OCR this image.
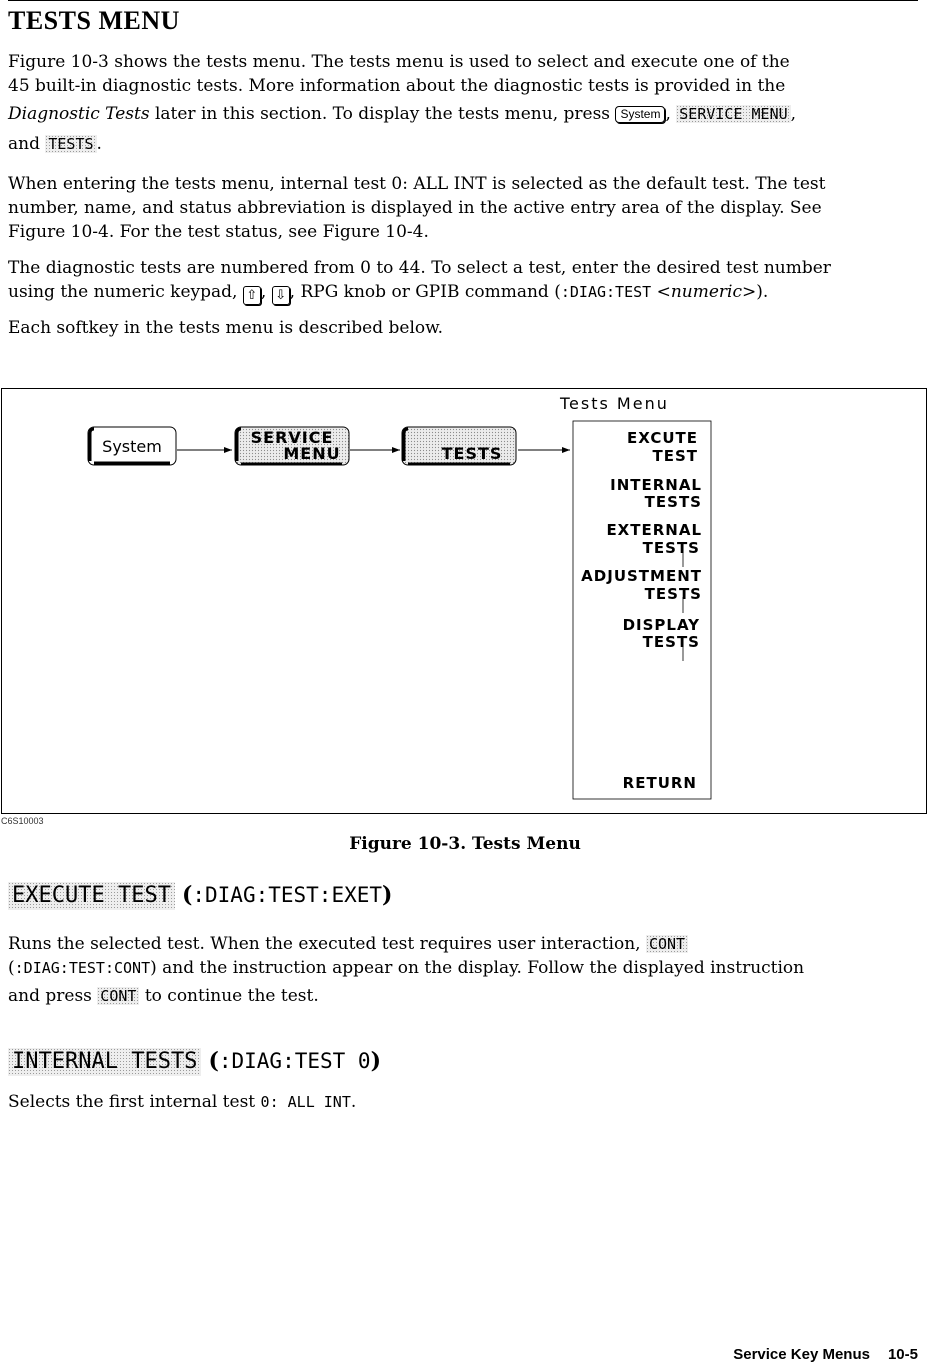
TESTS MENU
Figure 10-3 shows the tests menu. The tests menu is used to select and execute one of the
45 built-in diagnostic tests. More information about the diagnostic tests is provided in the
Diagnostic Tests later in this section. To display the tests menu, press System , SERVICE MENU ,
and TESTS .
When entering the tests menu, internal test 0: ALL INT is selected as the default test. The test
number, name, and status abbreviation is displayed in the active entry area of the display. See
Figure 10-4. For the test status, see Figure 10-4.
The diagnostic tests are numbered from 0 to 44. To select a test, enter the desired test number
using the numeric keypad, ⇧ , ⇩ , RPG knob or GPIB command (:DIAG:TEST <numeric>).
Each softkey in the tests menu is described below.
Tests Menu
System	SERVICE
MENU	TESTS
EXCUTE
TEST
INTERNAL
TESTS
EXTERNAL
TESTS
ADJUSTMENT
TESTS
DISPLAY
TESTS
RETURN
C6S10003
Figure 10-3. Tests Menu
EXECUTE TEST (:DIAG:TEST:EXET)
Runs the selected test. When the executed test requires user interaction, CONT
(:DIAG:TEST:CONT) and the instruction appear on the display. Follow the displayed instruction
and press CONT to continue the test.
INTERNAL TESTS (:DIAG:TEST 0)
Selects the first internal test 0: ALL INT.
Service Key Menus 10-5
